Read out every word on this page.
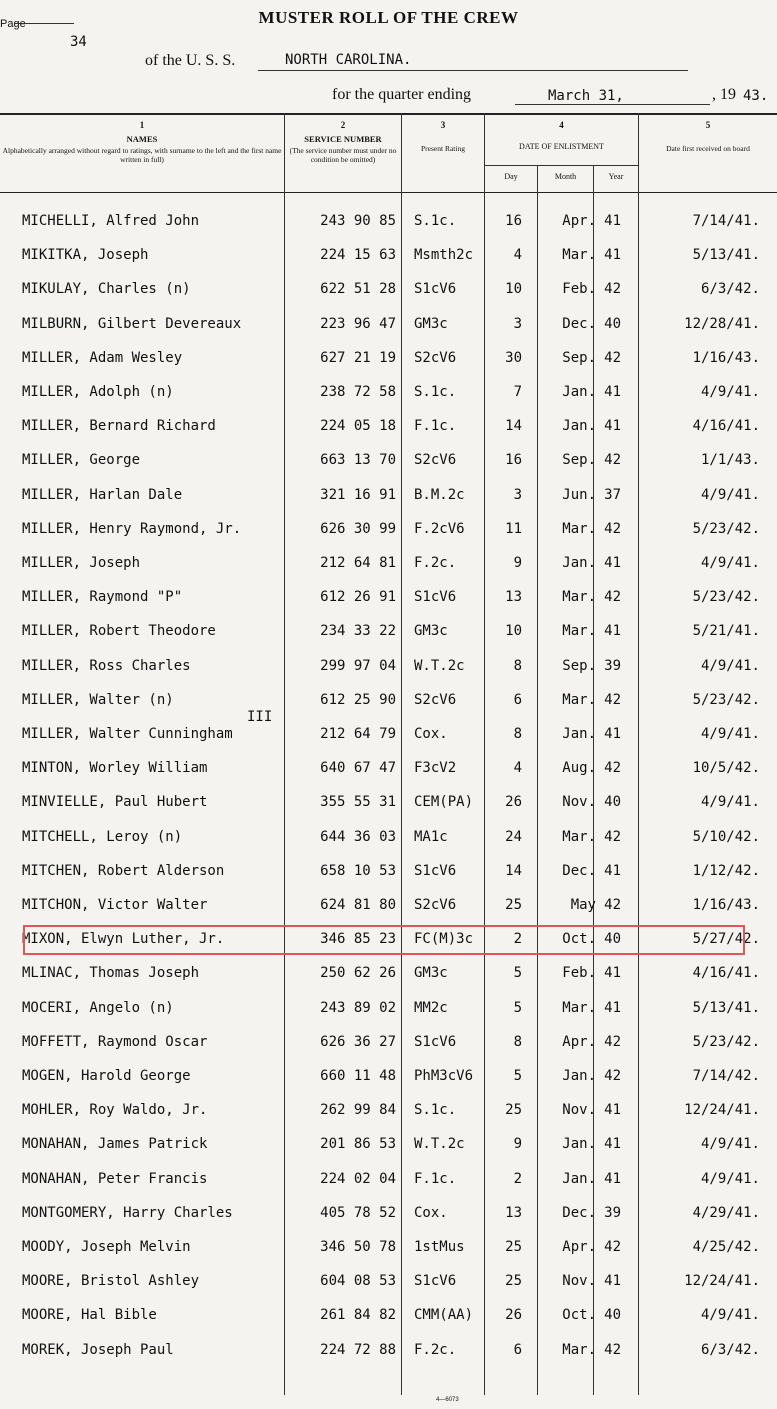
Page
34
MUSTER ROLL OF THE CREW
of the U. S. S.	NORTH CAROLINA.
for the quarter ending	March 31,	, 19 43.
1
NAMES
Alphabetically arranged without regard to ratings, with surname to the left and the first name written in full)
2
SERVICE NUMBER
(The service number must under no condition be omitted)
3
Present Rating
4
DATE OF ENLISTMENT
Day	Month	Year
5
Date first received on board
MICHELLI, Alfred John	243 90 85 S.1c.	16	Apr. 41	7/14/41.
MIKITKA, Joseph	224 15 63 Msmth2c	4	Mar. 41	5/13/41.
MIKULAY, Charles (n)	622 51 28 S1cV6	10	Feb. 42	6/3/42.
MILBURN, Gilbert Devereaux	223 96 47 GM3c	3	Dec. 40	12/28/41.
MILLER, Adam Wesley	627 21 19 S2cV6	30	Sep. 42	1/16/43.
MILLER, Adolph (n)	238 72 58 S.1c.	7	Jan. 41	4/9/41.
MILLER, Bernard Richard	224 05 18 F.1c.	14	Jan. 41	4/16/41.
MILLER, George	663 13 70 S2cV6	16	Sep. 42	1/1/43.
MILLER, Harlan Dale	321 16 91 B.M.2c	3	Jun. 37	4/9/41.
MILLER, Henry Raymond, Jr.	626 30 99 F.2cV6	11	Mar. 42	5/23/42.
MILLER, Joseph	212 64 81 F.2c.	9	Jan. 41	4/9/41.
MILLER, Raymond "P"	612 26 91 S1cV6	13	Mar. 42	5/23/42.
MILLER, Robert Theodore	234 33 22 GM3c	10	Mar. 41	5/21/41.
MILLER, Ross Charles	299 97 04 W.T.2c	8	Sep. 39	4/9/41.
MILLER, Walter (n)	612 25 90 S2cV6	6	Mar. 42	5/23/42.
MILLER, Walter Cunningham	212 64 79 Cox.	8	Jan. 41	4/9/41.
MINTON, Worley William	640 67 47 F3cV2	4	Aug. 42	10/5/42.
MINVIELLE, Paul Hubert	355 55 31 CEM(PA)	26	Nov. 40	4/9/41.
MITCHELL, Leroy (n)	644 36 03 MA1c	24	Mar. 42	5/10/42.
MITCHEN, Robert Alderson	658 10 53 S1cV6	14	Dec. 41	1/12/42.
MITCHON, Victor Walter	624 81 80 S2cV6	25	May 42	1/16/43.
MIXON, Elwyn Luther, Jr.	346 85 23 FC(M)3c	2	Oct. 40	5/27/42.
MLINAC, Thomas Joseph	250 62 26 GM3c	5	Feb. 41	4/16/41.
MOCERI, Angelo (n)	243 89 02 MM2c	5	Mar. 41	5/13/41.
MOFFETT, Raymond Oscar	626 36 27 S1cV6	8	Apr. 42	5/23/42.
MOGEN, Harold George	660 11 48 PhM3cV6	5	Jan. 42	7/14/42.
MOHLER, Roy Waldo, Jr.	262 99 84 S.1c.	25	Nov. 41	12/24/41.
MONAHAN, James Patrick	201 86 53 W.T.2c	9	Jan. 41	4/9/41.
MONAHAN, Peter Francis	224 02 04 F.1c.	2	Jan. 41	4/9/41.
MONTGOMERY, Harry Charles	405 78 52 Cox.	13	Dec. 39	4/29/41.
MOODY, Joseph Melvin	346 50 78 1stMus	25	Apr. 42	4/25/42.
MOORE, Bristol Ashley	604 08 53 S1cV6	25	Nov. 41	12/24/41.
MOORE, Hal Bible	261 84 82 CMM(AA)	26	Oct. 40	4/9/41.
MOREK, Joseph Paul	224 72 88 F.2c.	6	Mar. 42	6/3/42.
III
4—6073
